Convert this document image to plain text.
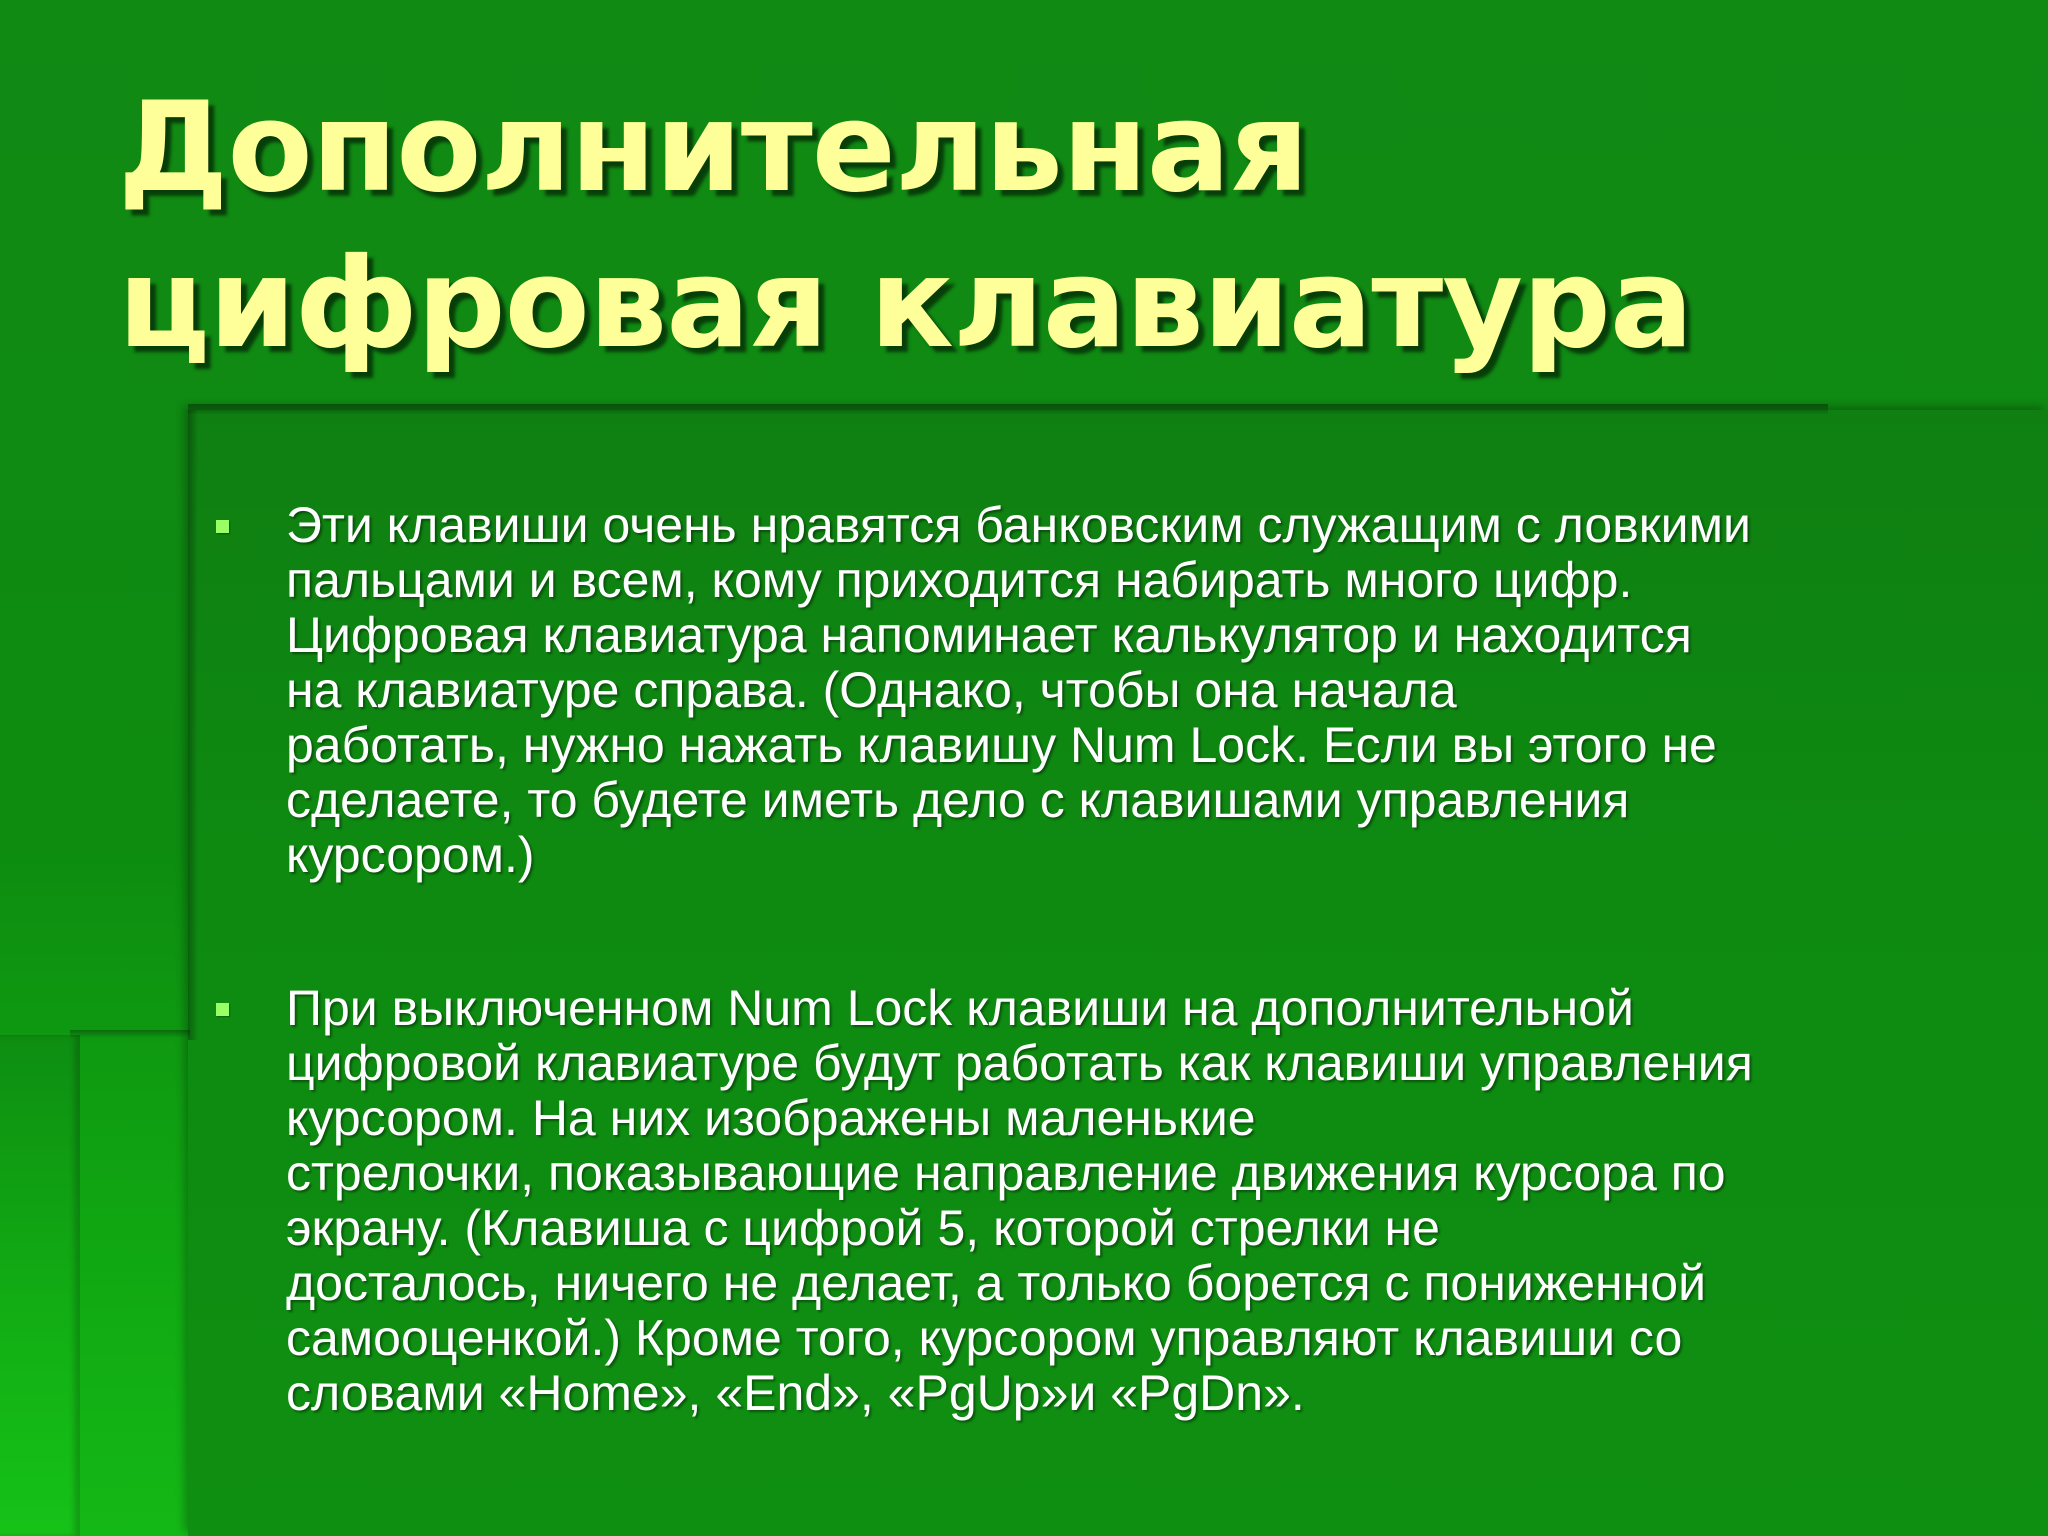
Дополнительная
цифровая клавиатура
Эти клавиши очень нравятся банковским служащим с ловкими
пальцами и всем, кому приходится набирать много цифр.
Цифровая клавиатура напоминает калькулятор и находится
на клавиатуре справа. (Однако, чтобы она начала
работать, нужно нажать клавишу Num Lock. Если вы этого не
сделаете, то будете иметь дело с клавишами управления
курсором.)
При выключенном Num Lock клавиши на дополнительной
цифровой клавиатуре будут работать как клавиши управления
курсором. На них изображены маленькие
стрелочки, показывающие направление движения курсора по
экрану. (Клавиша с цифрой 5, которой стрелки не
досталось, ничего не делает, а только борется с пониженной
самооценкой.) Кроме того, курсором управляют клавиши со
словами «Home», «End», «PgUp»и «PgDn».
